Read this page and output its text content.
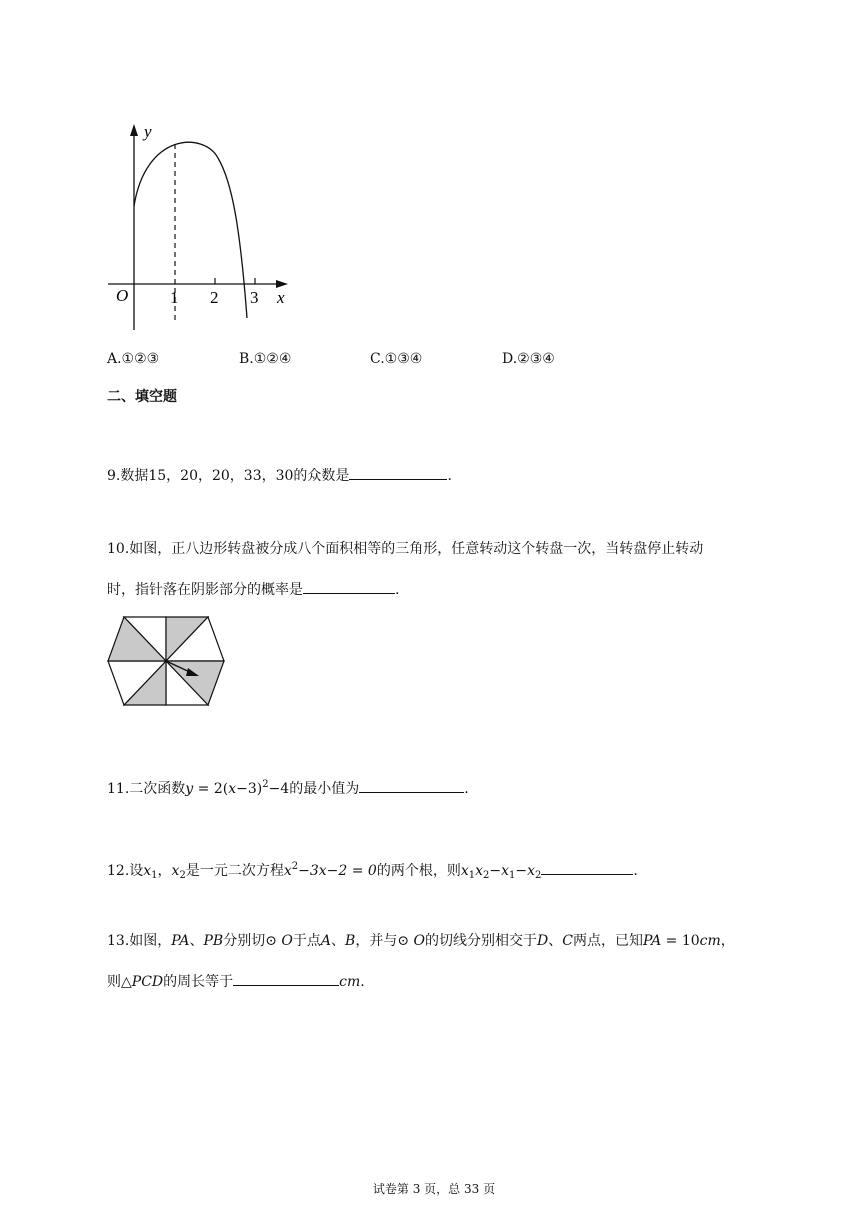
y
x
O 1 2 3
A.①②③	B.①②④	C.①③④	D.②③④
二、填空题
9.数据15，20，20，33，30的众数是	.
10.如图，正八边形转盘被分成八个面积相等的三角形，任意转动这个转盘一次，当转盘停止转动
时，指针落在阴影部分的概率是	.
11.二次函数$y = 2(x-3)^2-4$的最小值为	.
12.设$x_1$，$x_2$是一元二次方程$x^2-3x-2 = 0$的两个根，则$x_1x_2-x_1-x_2$	.
13.如图，PA、PB分别切⊙ O于点A、B，并与⊙ O的切线分别相交于D、C两点，已知PA = 10cm，
则△PCD的周长等于	cm.
试卷第 3 页，总 33 页
